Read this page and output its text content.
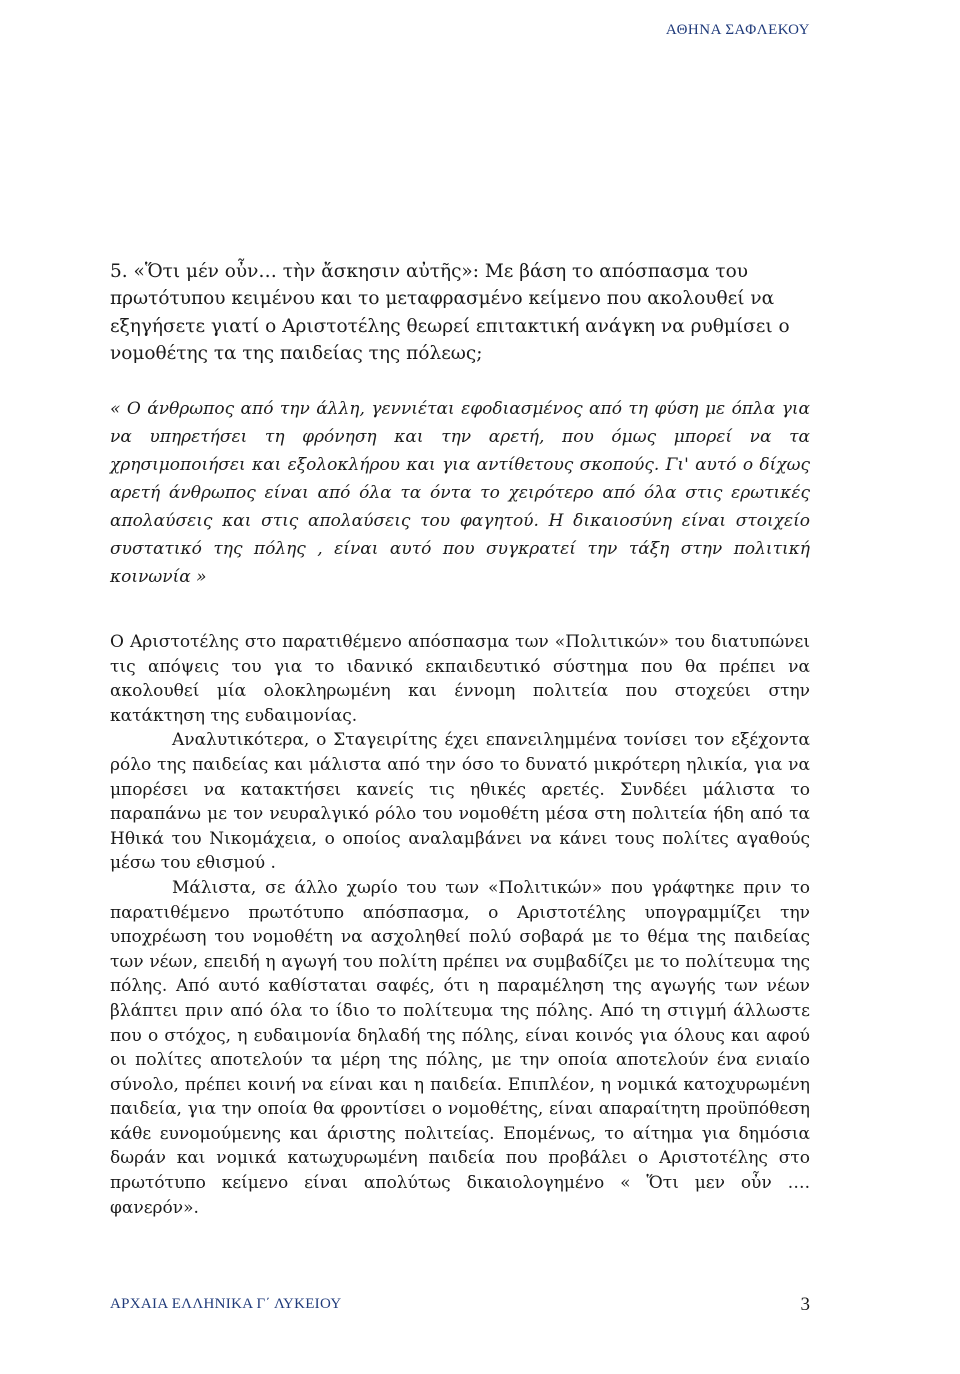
ΑΘΗΝΑ ΣΑΦΛΕΚΟΥ
5. «Ὅτι μέν οὖν… τὴν ἄσκησιν αὐτῆς»: Με βάση το απόσπασμα του πρωτότυπου κειμένου και το μεταφρασμένο κείμενο που ακολουθεί να εξηγήσετε γιατί ο Αριστοτέλης θεωρεί επιτακτική ανάγκη να ρυθμίσει ο νομοθέτης τα της παιδείας της πόλεως;
« Ο άνθρωπος από την άλλη, γεννιέται εφοδιασμένος από τη φύση με όπλα για να υπηρετήσει τη φρόνηση και την αρετή, που όμως μπορεί να τα χρησιμοποιήσει και εξολοκλήρου και για αντίθετους σκοπούς. Γι' αυτό ο δίχως αρετή άνθρωπος είναι από όλα τα όντα το χειρότερο από όλα στις ερωτικές απολαύσεις και στις απολαύσεις του φαγητού. Η δικαιοσύνη είναι στοιχείο συστατικό της πόλης , είναι αυτό που συγκρατεί την τάξη στην πολιτική κοινωνία »

Ο Αριστοτέλης στο παρατιθέμενο απόσπασμα των «Πολιτικών» του διατυπώνει τις απόψεις του για το ιδανικό εκπαιδευτικό σύστημα που θα πρέπει να ακολουθεί μία ολοκληρωμένη και έννομη πολιτεία που στοχεύει στην κατάκτηση της ευδαιμονίας.

Αναλυτικότερα, ο Σταγειρίτης έχει επανειλημμένα τονίσει τον εξέχοντα ρόλο της παιδείας και μάλιστα από την όσο το δυνατό μικρότερη ηλικία, για να μπορέσει να κατακτήσει κανείς τις ηθικές αρετές. Συνδέει μάλιστα το παραπάνω με τον νευραλγικό ρόλο του νομοθέτη μέσα στη πολιτεία ήδη από τα Ηθικά του Νικομάχεια, ο οποίος αναλαμβάνει να κάνει τους πολίτες αγαθούς μέσω του εθισμού .

Μάλιστα, σε άλλο χωρίο του των «Πολιτικών» που γράφτηκε πριν το παρατιθέμενο πρωτότυπο απόσπασμα, ο Αριστοτέλης υπογραμμίζει την υποχρέωση του νομοθέτη να ασχοληθεί πολύ σοβαρά με το θέμα της παιδείας των νέων, επειδή η αγωγή του πολίτη πρέπει να συμβαδίζει με το πολίτευμα της πόλης. Από αυτό καθίσταται σαφές, ότι η παραμέληση της αγωγής των νέων βλάπτει πριν από όλα το ίδιο το πολίτευμα της πόλης. Από τη στιγμή άλλωστε που ο στόχος, η ευδαιμονία δηλαδή της πόλης, είναι κοινός για όλους και αφού οι πολίτες αποτελούν τα μέρη της πόλης, με την οποία αποτελούν ένα ενιαίο σύνολο, πρέπει κοινή να είναι και η παιδεία. Επιπλέον, η νομικά κατοχυρωμένη παιδεία, για την οποία θα φροντίσει ο νομοθέτης, είναι απαραίτητη προϋπόθεση κάθε ευνομούμενης και άριστης πολιτείας. Επομένως, το αίτημα για δημόσια δωράν και νομικά κατωχυρωμένη παιδεία που προβάλει ο Αριστοτέλης στο πρωτότυπο κείμενο είναι απολύτως δικαιολογημένο « Ὅτι μεν οὖν …. φανερόν».

ΑΡΧΑΙΑ ΕΛΛΗΝΙΚΑ Γ΄ ΛΥΚΕΙΟΥ	3
